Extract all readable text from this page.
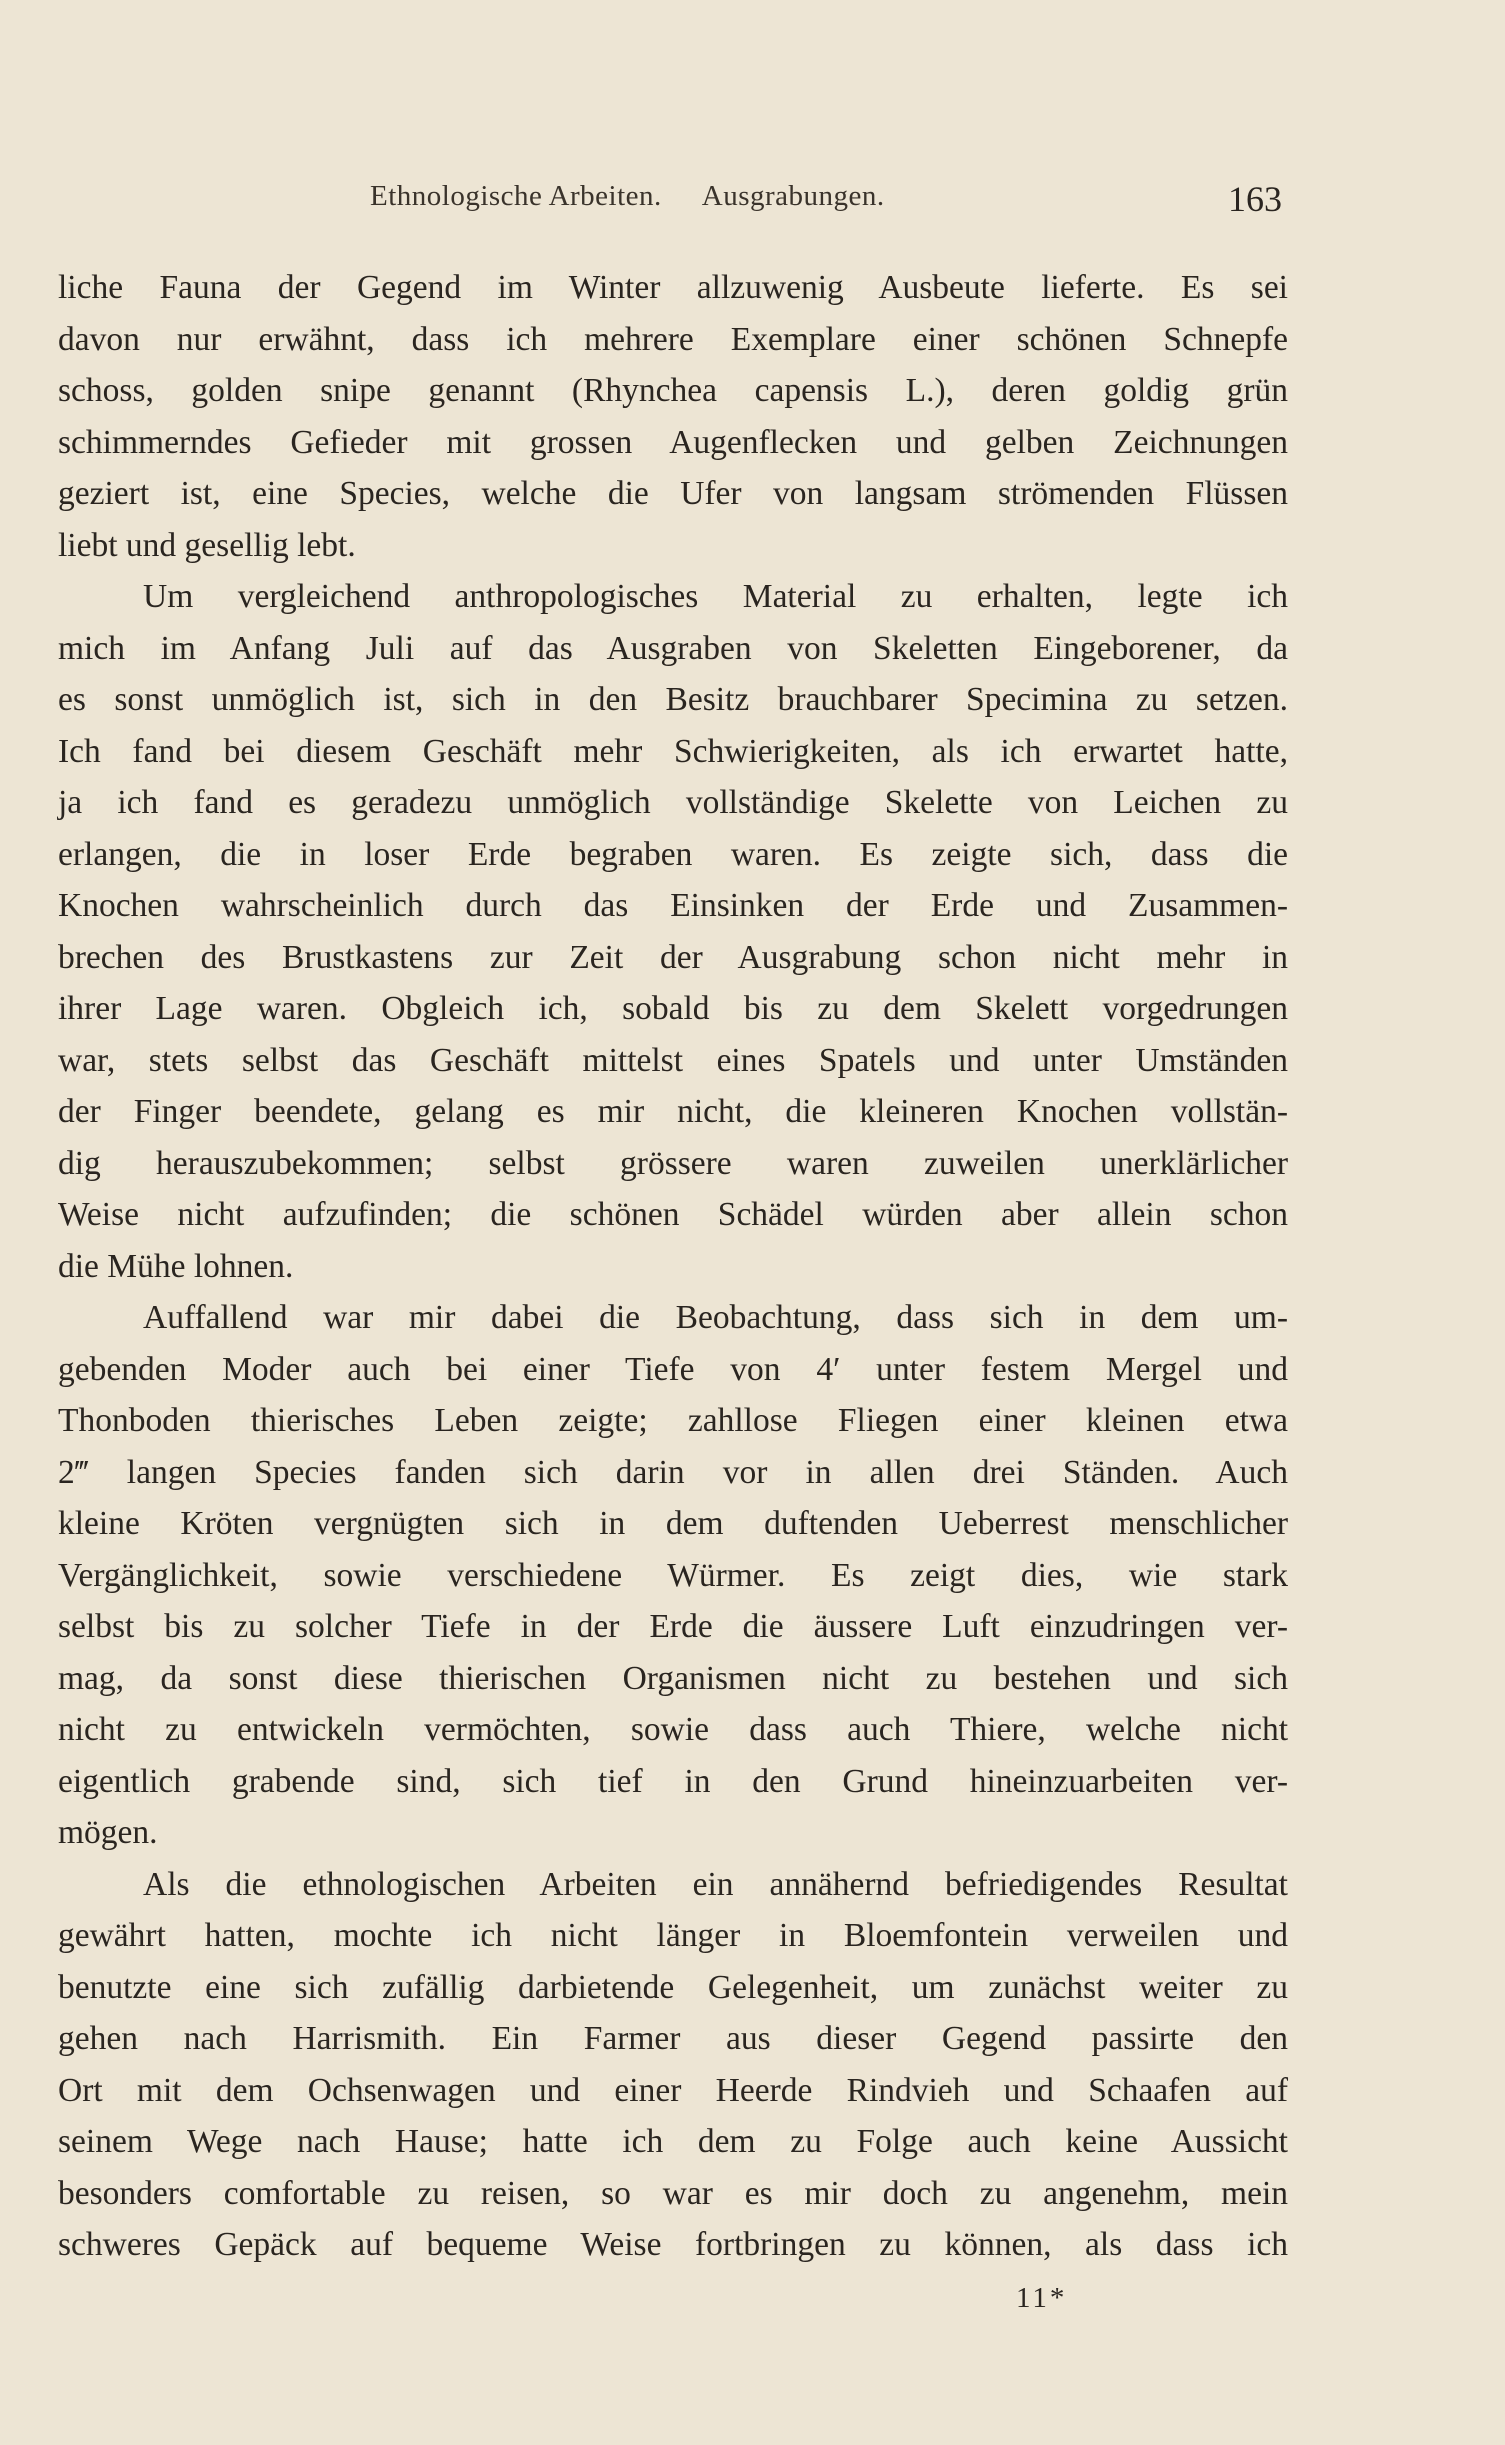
Ethnologische Arbeiten. Ausgrabungen.	163
liche Fauna der Gegend im Winter allzuwenig Ausbeute lieferte. Es sei
davon nur erwähnt, dass ich mehrere Exemplare einer schönen Schnepfe
schoss, golden snipe genannt (Rhynchea capensis L.), deren goldig grün
schimmerndes Gefieder mit grossen Augenflecken und gelben Zeichnungen
geziert ist, eine Species, welche die Ufer von langsam strömenden Flüssen
liebt und gesellig lebt.
Um vergleichend anthropologisches Material zu erhalten, legte ich
mich im Anfang Juli auf das Ausgraben von Skeletten Eingeborener, da
es sonst unmöglich ist, sich in den Besitz brauchbarer Specimina zu setzen.
Ich fand bei diesem Geschäft mehr Schwierigkeiten, als ich erwartet hatte,
ja ich fand es geradezu unmöglich vollständige Skelette von Leichen zu
erlangen, die in loser Erde begraben waren. Es zeigte sich, dass die
Knochen wahrscheinlich durch das Einsinken der Erde und Zusammen-
brechen des Brustkastens zur Zeit der Ausgrabung schon nicht mehr in
ihrer Lage waren. Obgleich ich, sobald bis zu dem Skelett vorgedrungen
war, stets selbst das Geschäft mittelst eines Spatels und unter Umständen
der Finger beendete, gelang es mir nicht, die kleineren Knochen vollstän-
dig herauszubekommen; selbst grössere waren zuweilen unerklärlicher
Weise nicht aufzufinden; die schönen Schädel würden aber allein schon
die Mühe lohnen.
Auffallend war mir dabei die Beobachtung, dass sich in dem um-
gebenden Moder auch bei einer Tiefe von 4′ unter festem Mergel und
Thonboden thierisches Leben zeigte; zahllose Fliegen einer kleinen etwa
2‴ langen Species fanden sich darin vor in allen drei Ständen. Auch
kleine Kröten vergnügten sich in dem duftenden Ueberrest menschlicher
Vergänglichkeit, sowie verschiedene Würmer. Es zeigt dies, wie stark
selbst bis zu solcher Tiefe in der Erde die äussere Luft einzudringen ver-
mag, da sonst diese thierischen Organismen nicht zu bestehen und sich
nicht zu entwickeln vermöchten, sowie dass auch Thiere, welche nicht
eigentlich grabende sind, sich tief in den Grund hineinzuarbeiten ver-
mögen.
Als die ethnologischen Arbeiten ein annähernd befriedigendes Resultat
gewährt hatten, mochte ich nicht länger in Bloemfontein verweilen und
benutzte eine sich zufällig darbietende Gelegenheit, um zunächst weiter zu
gehen nach Harrismith. Ein Farmer aus dieser Gegend passirte den
Ort mit dem Ochsenwagen und einer Heerde Rindvieh und Schaafen auf
seinem Wege nach Hause; hatte ich dem zu Folge auch keine Aussicht
besonders comfortable zu reisen, so war es mir doch zu angenehm, mein
schweres Gepäck auf bequeme Weise fortbringen zu können, als dass ich
11*
